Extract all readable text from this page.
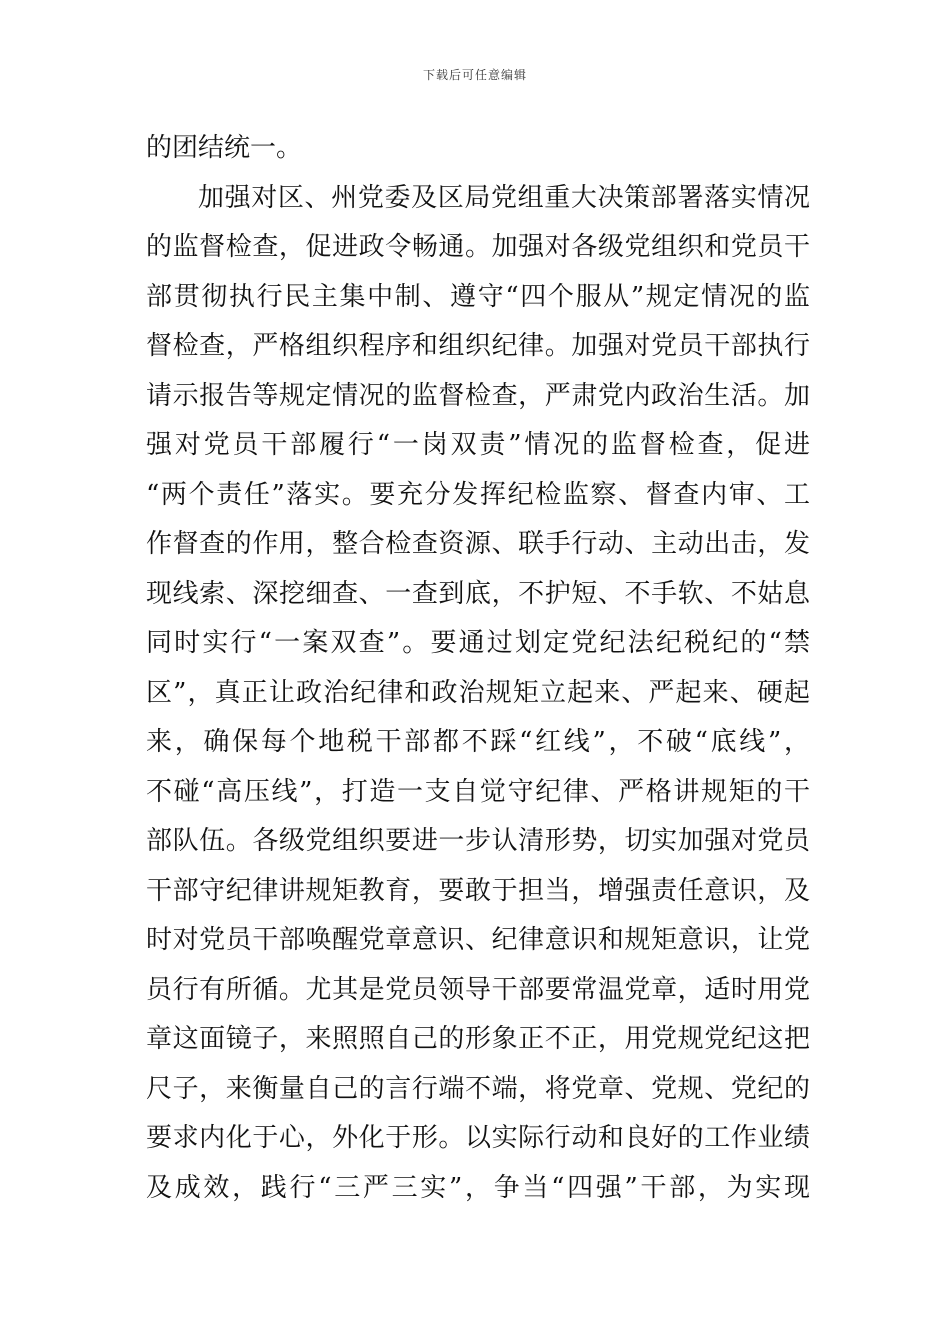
下载后可任意编辑
的团结统一。
加强对区、州党委及区局党组重大决策部署落实情况
的监督检查，促进政令畅通。加强对各级党组织和党员干
部贯彻执行民主集中制、遵守“四个服从”规定情况的监
督检查，严格组织程序和组织纪律。加强对党员干部执行
请示报告等规定情况的监督检查，严肃党内政治生活。加
强对党员干部履行“一岗双责”情况的监督检查，促进
“两个责任”落实。要充分发挥纪检监察、督查内审、工
作督查的作用，整合检查资源、联手行动、主动出击，发
现线索、深挖细查、一查到底，不护短、不手软、不姑息
同时实行“一案双查”。要通过划定党纪法纪税纪的“禁
区”，真正让政治纪律和政治规矩立起来、严起来、硬起
来，确保每个地税干部都不踩“红线”，不破“底线”，
不碰“高压线”，打造一支自觉守纪律、严格讲规矩的干
部队伍。各级党组织要进一步认清形势，切实加强对党员
干部守纪律讲规矩教育，要敢于担当，增强责任意识，及
时对党员干部唤醒党章意识、纪律意识和规矩意识，让党
员行有所循。尤其是党员领导干部要常温党章，适时用党
章这面镜子，来照照自己的形象正不正，用党规党纪这把
尺子，来衡量自己的言行端不端，将党章、党规、党纪的
要求内化于心，外化于形。以实际行动和良好的工作业绩
及成效，践行“三严三实”，争当“四强”干部，为实现
